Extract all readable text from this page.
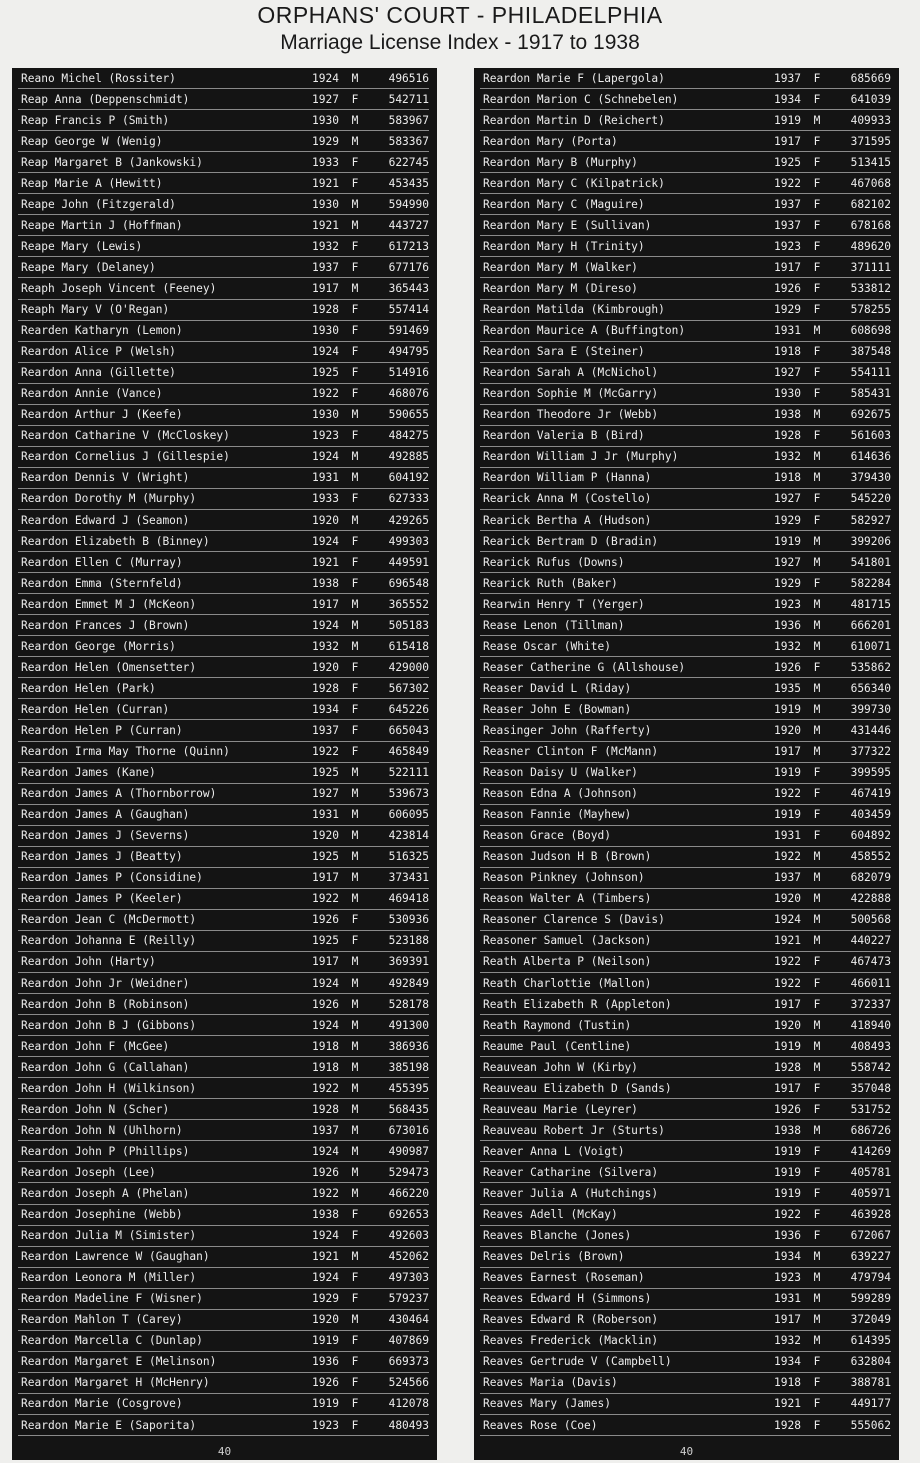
ORPHANS' COURT - PHILADELPHIA
Marriage License Index - 1917 to 1938
Reano Michel (Rossiter)	1924	M	496516
Reap Anna (Deppenschmidt)	1927	F	542711
Reap Francis P (Smith)	1930	M	583967
Reap George W (Wenig)	1929	M	583367
Reap Margaret B (Jankowski)	1933	F	622745
Reap Marie A (Hewitt)	1921	F	453435
Reape John (Fitzgerald)	1930	M	594990
Reape Martin J (Hoffman)	1921	M	443727
Reape Mary (Lewis)	1932	F	617213
Reape Mary (Delaney)	1937	F	677176
Reaph Joseph Vincent (Feeney)	1917	M	365443
Reaph Mary V (O'Regan)	1928	F	557414
Rearden Katharyn (Lemon)	1930	F	591469
Reardon Alice P (Welsh)	1924	F	494795
Reardon Anna (Gillette)	1925	F	514916
Reardon Annie (Vance)	1922	F	468076
Reardon Arthur J (Keefe)	1930	M	590655
Reardon Catharine V (McCloskey)	1923	F	484275
Reardon Cornelius J (Gillespie)	1924	M	492885
Reardon Dennis V (Wright)	1931	M	604192
Reardon Dorothy M (Murphy)	1933	F	627333
Reardon Edward J (Seamon)	1920	M	429265
Reardon Elizabeth B (Binney)	1924	F	499303
Reardon Ellen C (Murray)	1921	F	449591
Reardon Emma (Sternfeld)	1938	F	696548
Reardon Emmet M J (McKeon)	1917	M	365552
Reardon Frances J (Brown)	1924	M	505183
Reardon George (Morris)	1932	M	615418
Reardon Helen (Omensetter)	1920	F	429000
Reardon Helen (Park)	1928	F	567302
Reardon Helen (Curran)	1934	F	645226
Reardon Helen P (Curran)	1937	F	665043
Reardon Irma May Thorne (Quinn)	1922	F	465849
Reardon James (Kane)	1925	M	522111
Reardon James A (Thornborrow)	1927	M	539673
Reardon James A (Gaughan)	1931	M	606095
Reardon James J (Severns)	1920	M	423814
Reardon James J (Beatty)	1925	M	516325
Reardon James P (Considine)	1917	M	373431
Reardon James P (Keeler)	1922	M	469418
Reardon Jean C (McDermott)	1926	F	530936
Reardon Johanna E (Reilly)	1925	F	523188
Reardon John (Harty)	1917	M	369391
Reardon John Jr (Weidner)	1924	M	492849
Reardon John B (Robinson)	1926	M	528178
Reardon John B J (Gibbons)	1924	M	491300
Reardon John F (McGee)	1918	M	386936
Reardon John G (Callahan)	1918	M	385198
Reardon John H (Wilkinson)	1922	M	455395
Reardon John N (Scher)	1928	M	568435
Reardon John N (Uhlhorn)	1937	M	673016
Reardon John P (Phillips)	1924	M	490987
Reardon Joseph (Lee)	1926	M	529473
Reardon Joseph A (Phelan)	1922	M	466220
Reardon Josephine (Webb)	1938	F	692653
Reardon Julia M (Simister)	1924	F	492603
Reardon Lawrence W (Gaughan)	1921	M	452062
Reardon Leonora M (Miller)	1924	F	497303
Reardon Madeline F (Wisner)	1929	F	579237
Reardon Mahlon T (Carey)	1920	M	430464
Reardon Marcella C (Dunlap)	1919	F	407869
Reardon Margaret E (Melinson)	1936	F	669373
Reardon Margaret H (McHenry)	1926	F	524566
Reardon Marie (Cosgrove)	1919	F	412078
Reardon Marie E (Saporita)	1923	F	480493
40
Reardon Marie F (Lapergola)	1937	F	685669
Reardon Marion C (Schnebelen)	1934	F	641039
Reardon Martin D (Reichert)	1919	M	409933
Reardon Mary (Porta)	1917	F	371595
Reardon Mary B (Murphy)	1925	F	513415
Reardon Mary C (Kilpatrick)	1922	F	467068
Reardon Mary C (Maguire)	1937	F	682102
Reardon Mary E (Sullivan)	1937	F	678168
Reardon Mary H (Trinity)	1923	F	489620
Reardon Mary M (Walker)	1917	F	371111
Reardon Mary M (Direso)	1926	F	533812
Reardon Matilda (Kimbrough)	1929	F	578255
Reardon Maurice A (Buffington)	1931	M	608698
Reardon Sara E (Steiner)	1918	F	387548
Reardon Sarah A (McNichol)	1927	F	554111
Reardon Sophie M (McGarry)	1930	F	585431
Reardon Theodore Jr (Webb)	1938	M	692675
Reardon Valeria B (Bird)	1928	F	561603
Reardon William J Jr (Murphy)	1932	M	614636
Reardon William P (Hanna)	1918	M	379430
Rearick Anna M (Costello)	1927	F	545220
Rearick Bertha A (Hudson)	1929	F	582927
Rearick Bertram D (Bradin)	1919	M	399206
Rearick Rufus (Downs)	1927	M	541801
Rearick Ruth (Baker)	1929	F	582284
Rearwin Henry T (Yerger)	1923	M	481715
Rease Lenon (Tillman)	1936	M	666201
Rease Oscar (White)	1932	M	610071
Reaser Catherine G (Allshouse)	1926	F	535862
Reaser David L (Riday)	1935	M	656340
Reaser John E (Bowman)	1919	M	399730
Reasinger John (Rafferty)	1920	M	431446
Reasner Clinton F (McMann)	1917	M	377322
Reason Daisy U (Walker)	1919	F	399595
Reason Edna A (Johnson)	1922	F	467419
Reason Fannie (Mayhew)	1919	F	403459
Reason Grace (Boyd)	1931	F	604892
Reason Judson H B (Brown)	1922	M	458552
Reason Pinkney (Johnson)	1937	M	682079
Reason Walter A (Timbers)	1920	M	422888
Reasoner Clarence S (Davis)	1924	M	500568
Reasoner Samuel (Jackson)	1921	M	440227
Reath Alberta P (Neilson)	1922	F	467473
Reath Charlottie (Mallon)	1922	F	466011
Reath Elizabeth R (Appleton)	1917	F	372337
Reath Raymond (Tustin)	1920	M	418940
Reaume Paul (Centline)	1919	M	408493
Reauvean John W (Kirby)	1928	M	558742
Reauveau Elizabeth D (Sands)	1917	F	357048
Reauveau Marie (Leyrer)	1926	F	531752
Reauveau Robert Jr (Sturts)	1938	M	686726
Reaver Anna L (Voigt)	1919	F	414269
Reaver Catharine (Silvera)	1919	F	405781
Reaver Julia A (Hutchings)	1919	F	405971
Reaves Adell (McKay)	1922	F	463928
Reaves Blanche (Jones)	1936	F	672067
Reaves Delris (Brown)	1934	M	639227
Reaves Earnest (Roseman)	1923	M	479794
Reaves Edward H (Simmons)	1931	M	599289
Reaves Edward R (Roberson)	1917	M	372049
Reaves Frederick (Macklin)	1932	M	614395
Reaves Gertrude V (Campbell)	1934	F	632804
Reaves Maria (Davis)	1918	F	388781
Reaves Mary (James)	1921	F	449177
Reaves Rose (Coe)	1928	F	555062
40
